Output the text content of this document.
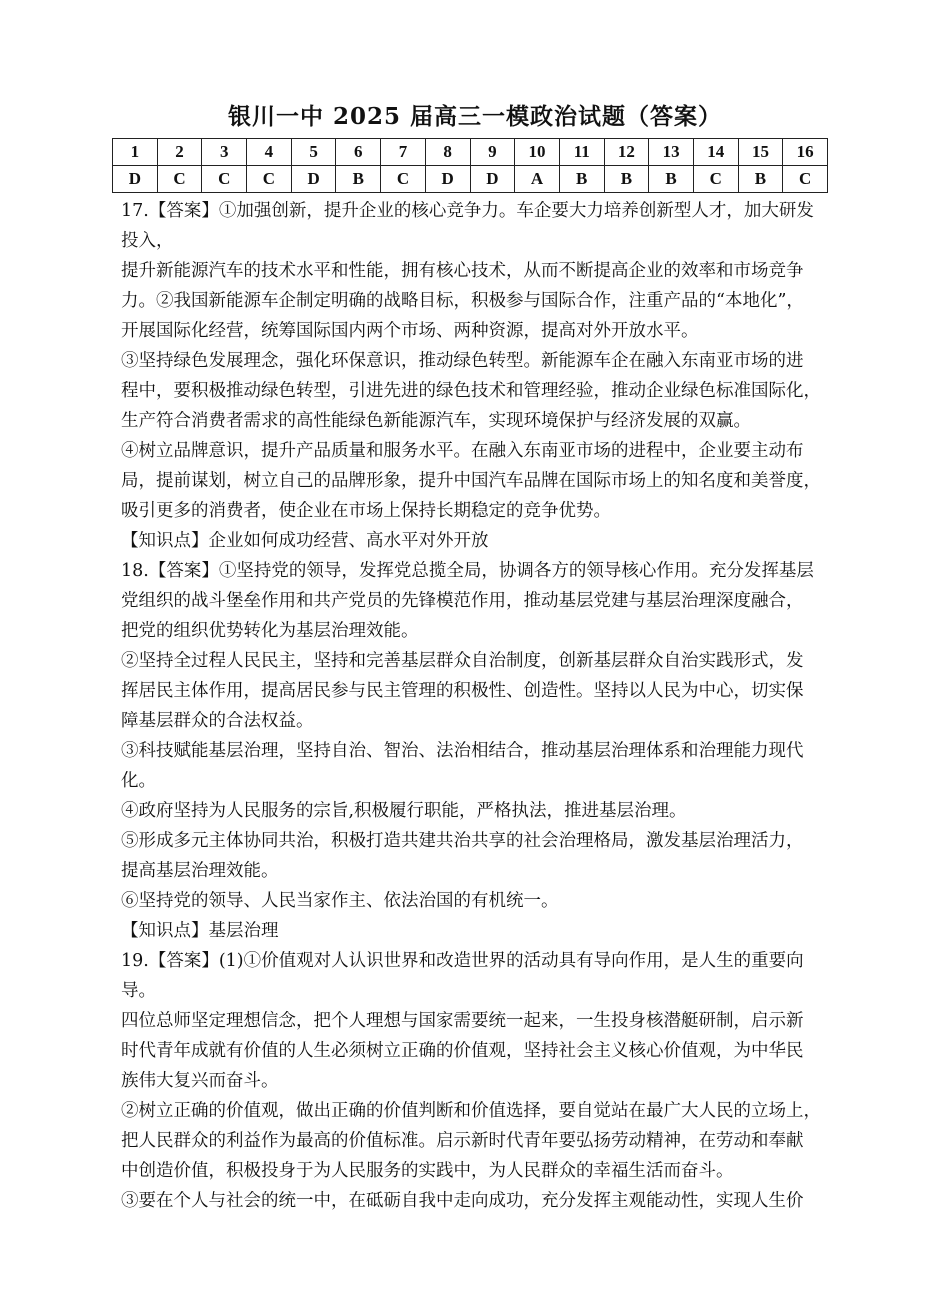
银川一中 2025 届高三一模政治试题（答案）
1	2	3	4	5	6	7	8	9	10	11	12	13	14	15	16
D	C	C	C	D	B	C	D	D	A	B	B	B	C	B	C

17.【答案】①加强创新，提升企业的核心竞争力。车企要大力培养创新型人才，加大研发

投入，

提升新能源汽车的技术水平和性能，拥有核心技术，从而不断提高企业的效率和市场竞争

力。②我国新能源车企制定明确的战略目标，积极参与国际合作，注重产品的“本地化”，

开展国际化经营，统筹国际国内两个市场、两种资源，提高对外开放水平。

③坚持绿色发展理念，强化环保意识，推动绿色转型。新能源车企在融入东南亚市场的进

程中，要积极推动绿色转型，引进先进的绿色技术和管理经验，推动企业绿色标准国际化，

生产符合消费者需求的高性能绿色新能源汽车，实现环境保护与经济发展的双赢。

④树立品牌意识，提升产品质量和服务水平。在融入东南亚市场的进程中，企业要主动布

局，提前谋划，树立自己的品牌形象，提升中国汽车品牌在国际市场上的知名度和美誉度，

吸引更多的消费者，使企业在市场上保持长期稳定的竞争优势。

【知识点】企业如何成功经营、高水平对外开放

18.【答案】①坚持党的领导，发挥党总揽全局，协调各方的领导核心作用。充分发挥基层

党组织的战斗堡垒作用和共产党员的先锋模范作用，推动基层党建与基层治理深度融合，

把党的组织优势转化为基层治理效能。

②坚持全过程人民民主，坚持和完善基层群众自治制度，创新基层群众自治实践形式，发

挥居民主体作用，提高居民参与民主管理的积极性、创造性。坚持以人民为中心，切实保

障基层群众的合法权益。

③科技赋能基层治理，坚持自治、智治、法治相结合，推动基层治理体系和治理能力现代

化。

④政府坚持为人民服务的宗旨,积极履行职能，严格执法，推进基层治理。

⑤形成多元主体协同共治，积极打造共建共治共享的社会治理格局，激发基层治理活力，

提高基层治理效能。

⑥坚持党的领导、人民当家作主、依法治国的有机统一。

【知识点】基层治理

19.【答案】(1)①价值观对人认识世界和改造世界的活动具有导向作用，是人生的重要向导。

四位总师坚定理想信念，把个人理想与国家需要统一起来，一生投身核潜艇研制，启示新

时代青年成就有价值的人生必须树立正确的价值观，坚持社会主义核心价值观，为中华民

族伟大复兴而奋斗。

②树立正确的价值观，做出正确的价值判断和价值选择，要自觉站在最广大人民的立场上，

把人民群众的利益作为最高的价值标准。启示新时代青年要弘扬劳动精神，在劳动和奉献

中创造价值，积极投身于为人民服务的实践中，为人民群众的幸福生活而奋斗。

③要在个人与社会的统一中，在砥砺自我中走向成功，充分发挥主观能动性，实现人生价
